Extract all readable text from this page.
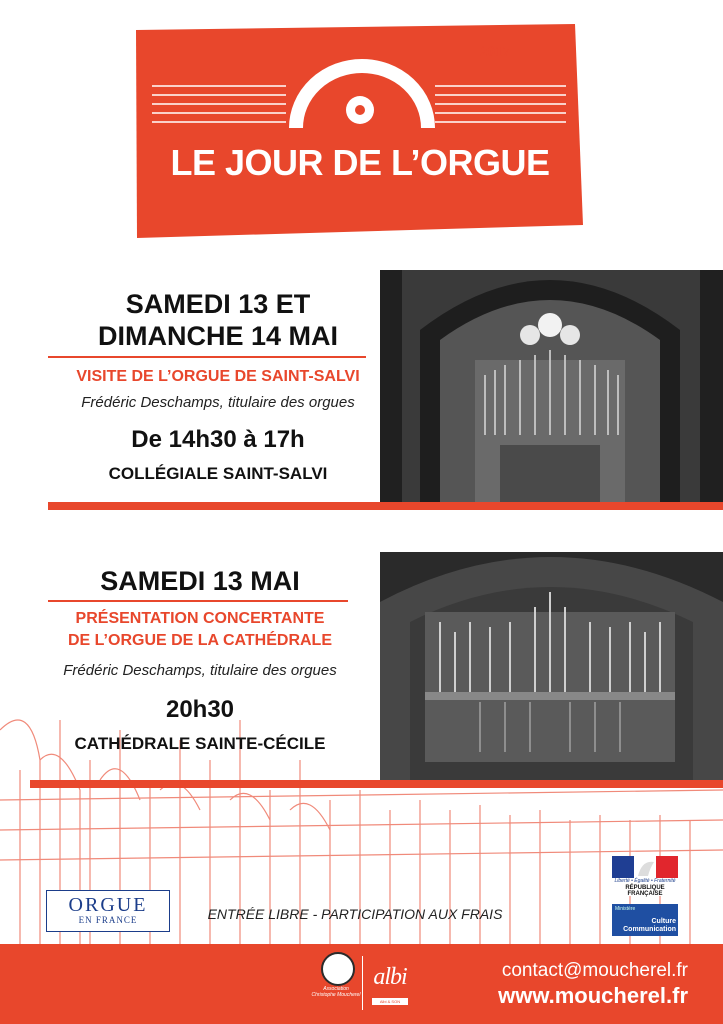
2017
LE JOUR DE L’ORGUE
SAMEDI 13 ET
DIMANCHE 14 MAI
VISITE DE L’ORGUE DE SAINT-SALVI
Frédéric Deschamps, titulaire des orgues
De 14h30 à 17h
COLLÉGIALE SAINT-SALVI
SAMEDI 13 MAI
PRÉSENTATION CONCERTANTE
DE L’ORGUE DE LA CATHÉDRALE
Frédéric Deschamps, titulaire des orgues
20h30
CATHÉDRALE SAINTE-CÉCILE
ORGUE
EN FRANCE	ENTRÉE LIBRE - PARTICIPATION AUX FRAIS
Liberté • Égalité • Fraternité
RÉPUBLIQUE FRANÇAISE
Ministère
Culture
Communication
Association
Christophe Moucherel
albi
Albi & SON
contact@moucherel.fr
www.moucherel.fr
